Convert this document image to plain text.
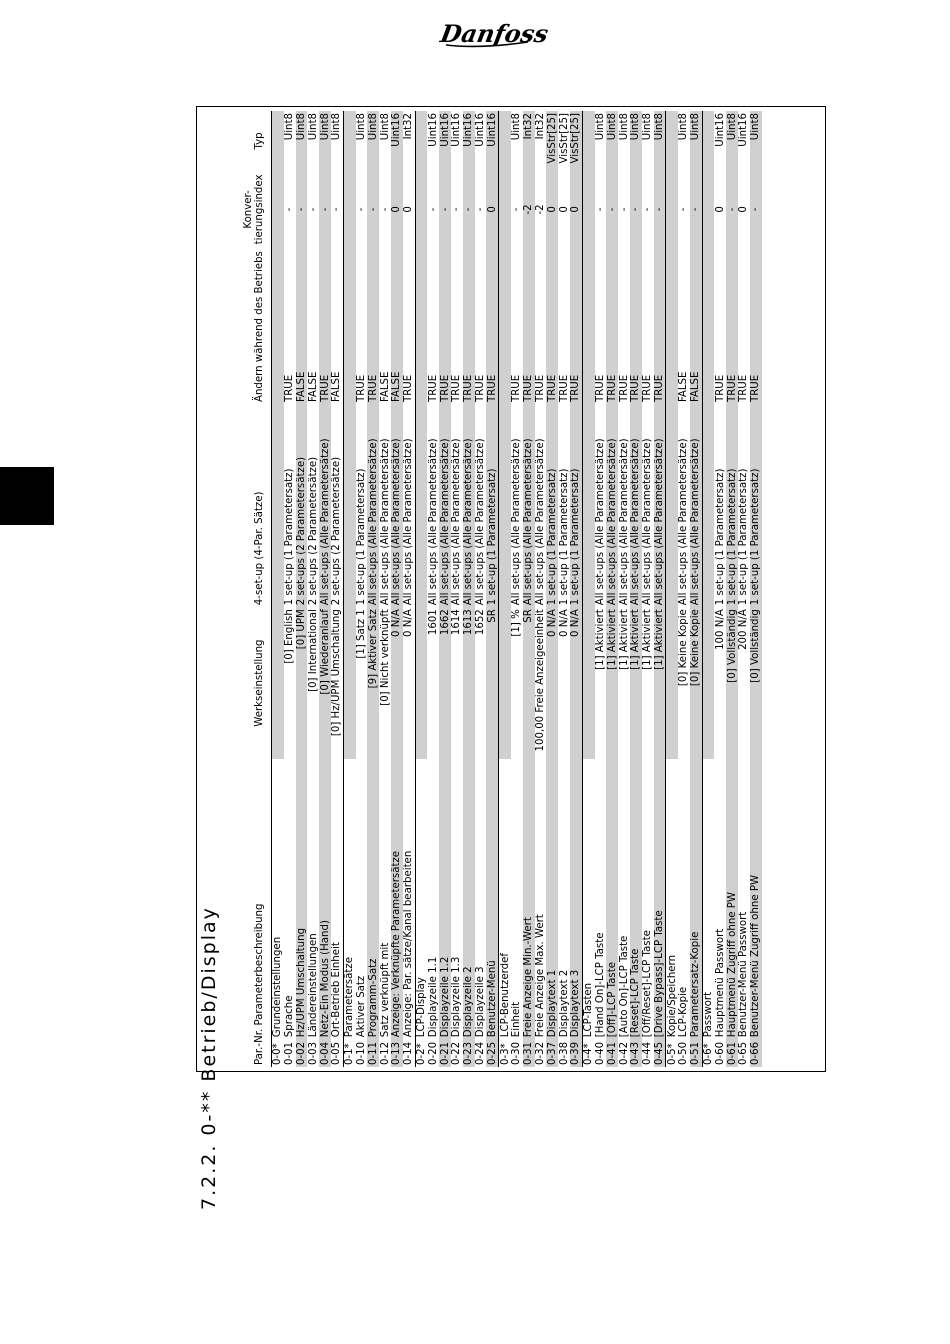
Danfoss
7.2.2. 0-** Betrieb/Display	Par.-Nr. Parameterbeschreibung		Werkseinstellung	4-set-up (4-Par. Sätze)	Ändern während des Betriebs	Konver-tierungsindex	Typ
0-0*	Grundeinstellungen					
0-01	Sprache	[0] English	1 set-up (1 Parametersatz)	TRUE	-	Uint8
0-02	Hz/UPM Umschaltung	[0] UPM	2 set-ups (2 Parametersätze)	FALSE	-	Uint8
0-03	Ländereinstellungen	[0] International	2 set-ups (2 Parametersätze)	FALSE	-	Uint8
0-04	Netz-Ein Modus (Hand)	[0] Wiederanlauf	All set-ups (Alle Parametersätze)	TRUE	-	Uint8
0-05	Ort-Betrieb Einheit	[0] Hz/UPM Umschaltung	2 set-ups (2 Parametersätze)	FALSE	-	Uint8
0-1*	Parametersätze					
0-10	Aktiver Satz	[1] Satz 1	1 set-up (1 Parametersatz)	TRUE	-	Uint8
0-11	Programm-Satz	[9] Aktiver Satz	All set-ups (Alle Parametersätze)	TRUE	-	Uint8
0-12	Satz verknüpft mit	[0] Nicht verknüpft	All set-ups (Alle Parametersätze)	FALSE	-	Uint8
0-13	Anzeige: Verknüpfte Parametersätze	0 N/A	All set-ups (Alle Parametersätze)	FALSE	0	Uint16
0-14	Anzeige: Par. sätze/Kanal bearbeiten	0 N/A	All set-ups (Alle Parametersätze)	TRUE	0	Int32
0-2*	LCP-Display					
0-20	Displayzeile 1.1	1601	All set-ups (Alle Parametersätze)	TRUE	-	Uint16
0-21	Displayzeile 1.2	1662	All set-ups (Alle Parametersätze)	TRUE	-	Uint16
0-22	Displayzeile 1.3	1614	All set-ups (Alle Parametersätze)	TRUE	-	Uint16
0-23	Displayzeile 2	1613	All set-ups (Alle Parametersätze)	TRUE	-	Uint16
0-24	Displayzeile 3	1652	All set-ups (Alle Parametersätze)	TRUE	-	Uint16
0-25	Benutzer-Menü	SR	1 set-up (1 Parametersatz)	TRUE	0	Uint16
0-3*	LCP-Benutzerdef					
0-30	Einheit	[1] %	All set-ups (Alle Parametersätze)	TRUE	-	Uint8
0-31	Freie Anzeige Min.-Wert	SR	All set-ups (Alle Parametersätze)	TRUE	-2	Int32
0-32	Freie Anzeige Max. Wert	100,00 Freie Anzeigeeinheit	All set-ups (Alle Parametersätze)	TRUE	-2	Int32
0-37	Displaytext 1	0 N/A	1 set-up (1 Parametersatz)	TRUE	0	VisStr[25]
0-38	Displaytext 2	0 N/A	1 set-up (1 Parametersatz)	TRUE	0	VisStr[25]
0-39	Displaytext 3	0 N/A	1 set-up (1 Parametersatz)	TRUE	0	VisStr[25]
0-4*	LCP-Tasten					
0-40	[Hand On]-LCP Taste	[1] Aktiviert	All set-ups (Alle Parametersätze)	TRUE	-	Uint8
0-41	[Off]-LCP Taste	[1] Aktiviert	All set-ups (Alle Parametersätze)	TRUE	-	Uint8
0-42	[Auto On]-LCP Taste	[1] Aktiviert	All set-ups (Alle Parametersätze)	TRUE	-	Uint8
0-43	[Reset]-LCP Taste	[1] Aktiviert	All set-ups (Alle Parametersätze)	TRUE	-	Uint8
0-44	[Off/Reset]-LCP Taste	[1] Aktiviert	All set-ups (Alle Parametersätze)	TRUE	-	Uint8
0-45	[Drive Bypass]-LCP Taste	[1] Aktiviert	All set-ups (Alle Parametersätze)	TRUE	-	Uint8
0-5*	Kopie/Speichern					
0-50	LCP-Kopie	[0] Keine Kopie	All set-ups (Alle Parametersätze)	FALSE	-	Uint8
0-51	Parametersatz-Kopie	[0] Keine Kopie	All set-ups (Alle Parametersätze)	FALSE	-	Uint8
0-6*	Passwort					
0-60	Hauptmenü Passwort	100 N/A	1 set-up (1 Parametersatz)	TRUE	0	Uint16
0-61	Hauptmenü Zugriff ohne PW	[0] Vollständig	1 set-up (1 Parametersatz)	TRUE	-	Uint8
0-65	Benutzer-Menü Passwort	200 N/A	1 set-up (1 Parametersatz)	TRUE	0	Uint16
0-66	Benutzer-Menü Zugriff ohne PW	[0] Vollständig	1 set-up (1 Parametersatz)	TRUE	-	Uint8
